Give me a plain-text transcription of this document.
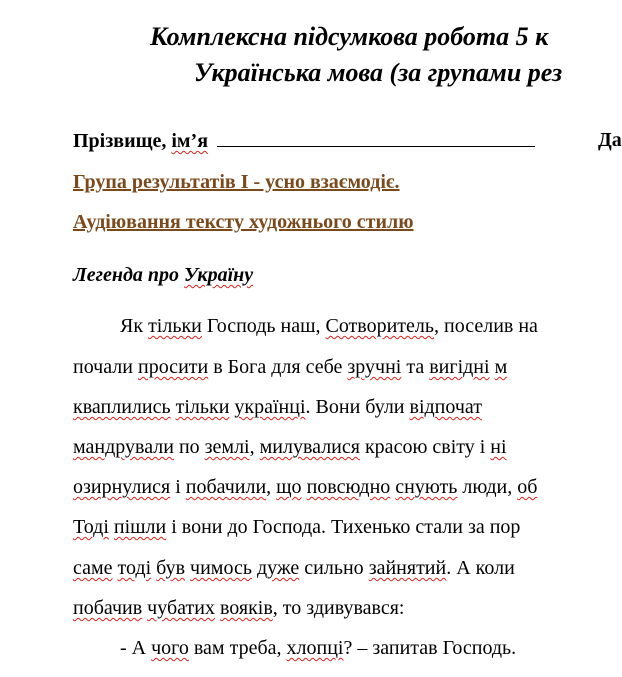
Комплексна підсумкова робота 5 к
Українська мова (за групами рез
Прізвище, ім’я	Да
Група результатів І - усно взаємодіє.
Аудіювання тексту художнього стилю
Легенда про Україну
Як тільки Господь наш, Сотворитель, поселив на
почали просити в Бога для себе зручні та вигідні м
кваплились тільки українці. Вони були відпочат
мандрували по землі, милувалися красою світу і ні
озирнулися і побачили, що повсюдно снують люди, об
Тоді пішли і вони до Господа. Тихенько стали за пор
саме тоді був чимось дуже сильно зайнятий. А коли
побачив чубатих вояків, то здивувався:
- А чого вам треба, хлопці? – запитав Господь.
